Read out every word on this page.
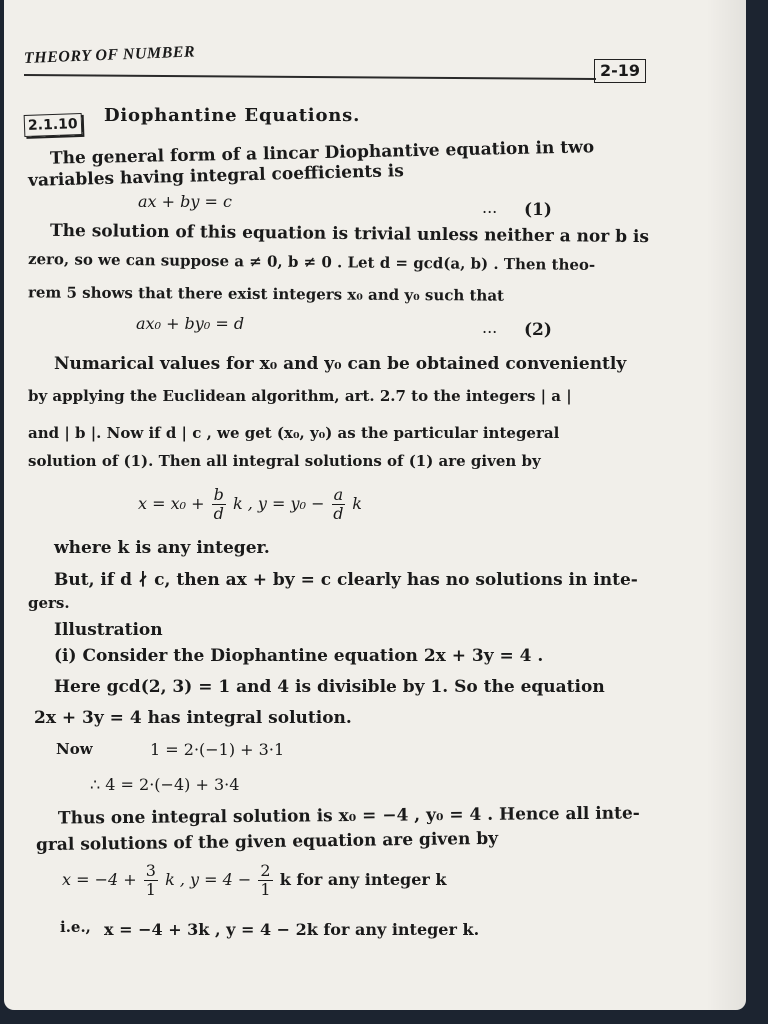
THEORY OF NUMBER
2-19
2.1.10 Diophantine Equations.
The general form of a lincar Diophantive equation in two
variables having integral coefficients is
ax + by = c	... (1)
The solution of this equation is trivial unless neither a nor b is
zero, so we can suppose a ≠ 0, b ≠ 0 . Let d = gcd(a, b) . Then theo-
rem 5 shows that there exist integers x₀ and y₀ such that
ax₀ + by₀ = d	... (2)
Numarical values for x₀ and y₀ can be obtained conveniently
by applying the Euclidean algorithm, art. 2.7 to the integers | a |
and | b |. Now if d | c , we get (x₀, y₀) as the particular integeral
solution of (1). Then all integral solutions of (1) are given by
$x = x_0 + \frac{b}{d}$ k , $y = y_0 - \frac{a}{d}$ k
where k is any integer.
But, if d ∤ c, then ax + by = c clearly has no solutions in inte-
gers.
Illustration
(i) Consider the Diophantine equation 2x + 3y = 4 .
Here gcd(2, 3) = 1 and 4 is divisible by 1. So the equation
2x + 3y = 4 has integral solution.
Now	1 = 2·(−1) + 3·1
∴ 4 = 2·(−4) + 3·4
Thus one integral solution is x₀ = −4 , y₀ = 4 . Hence all inte-
gral solutions of the given equation are given by
$x = -4 + \frac{3}{1}$ k , $y = 4 - \frac{2}{1}$ k for any integer k
i.e., x = −4 + 3k , y = 4 − 2k for any integer k.
